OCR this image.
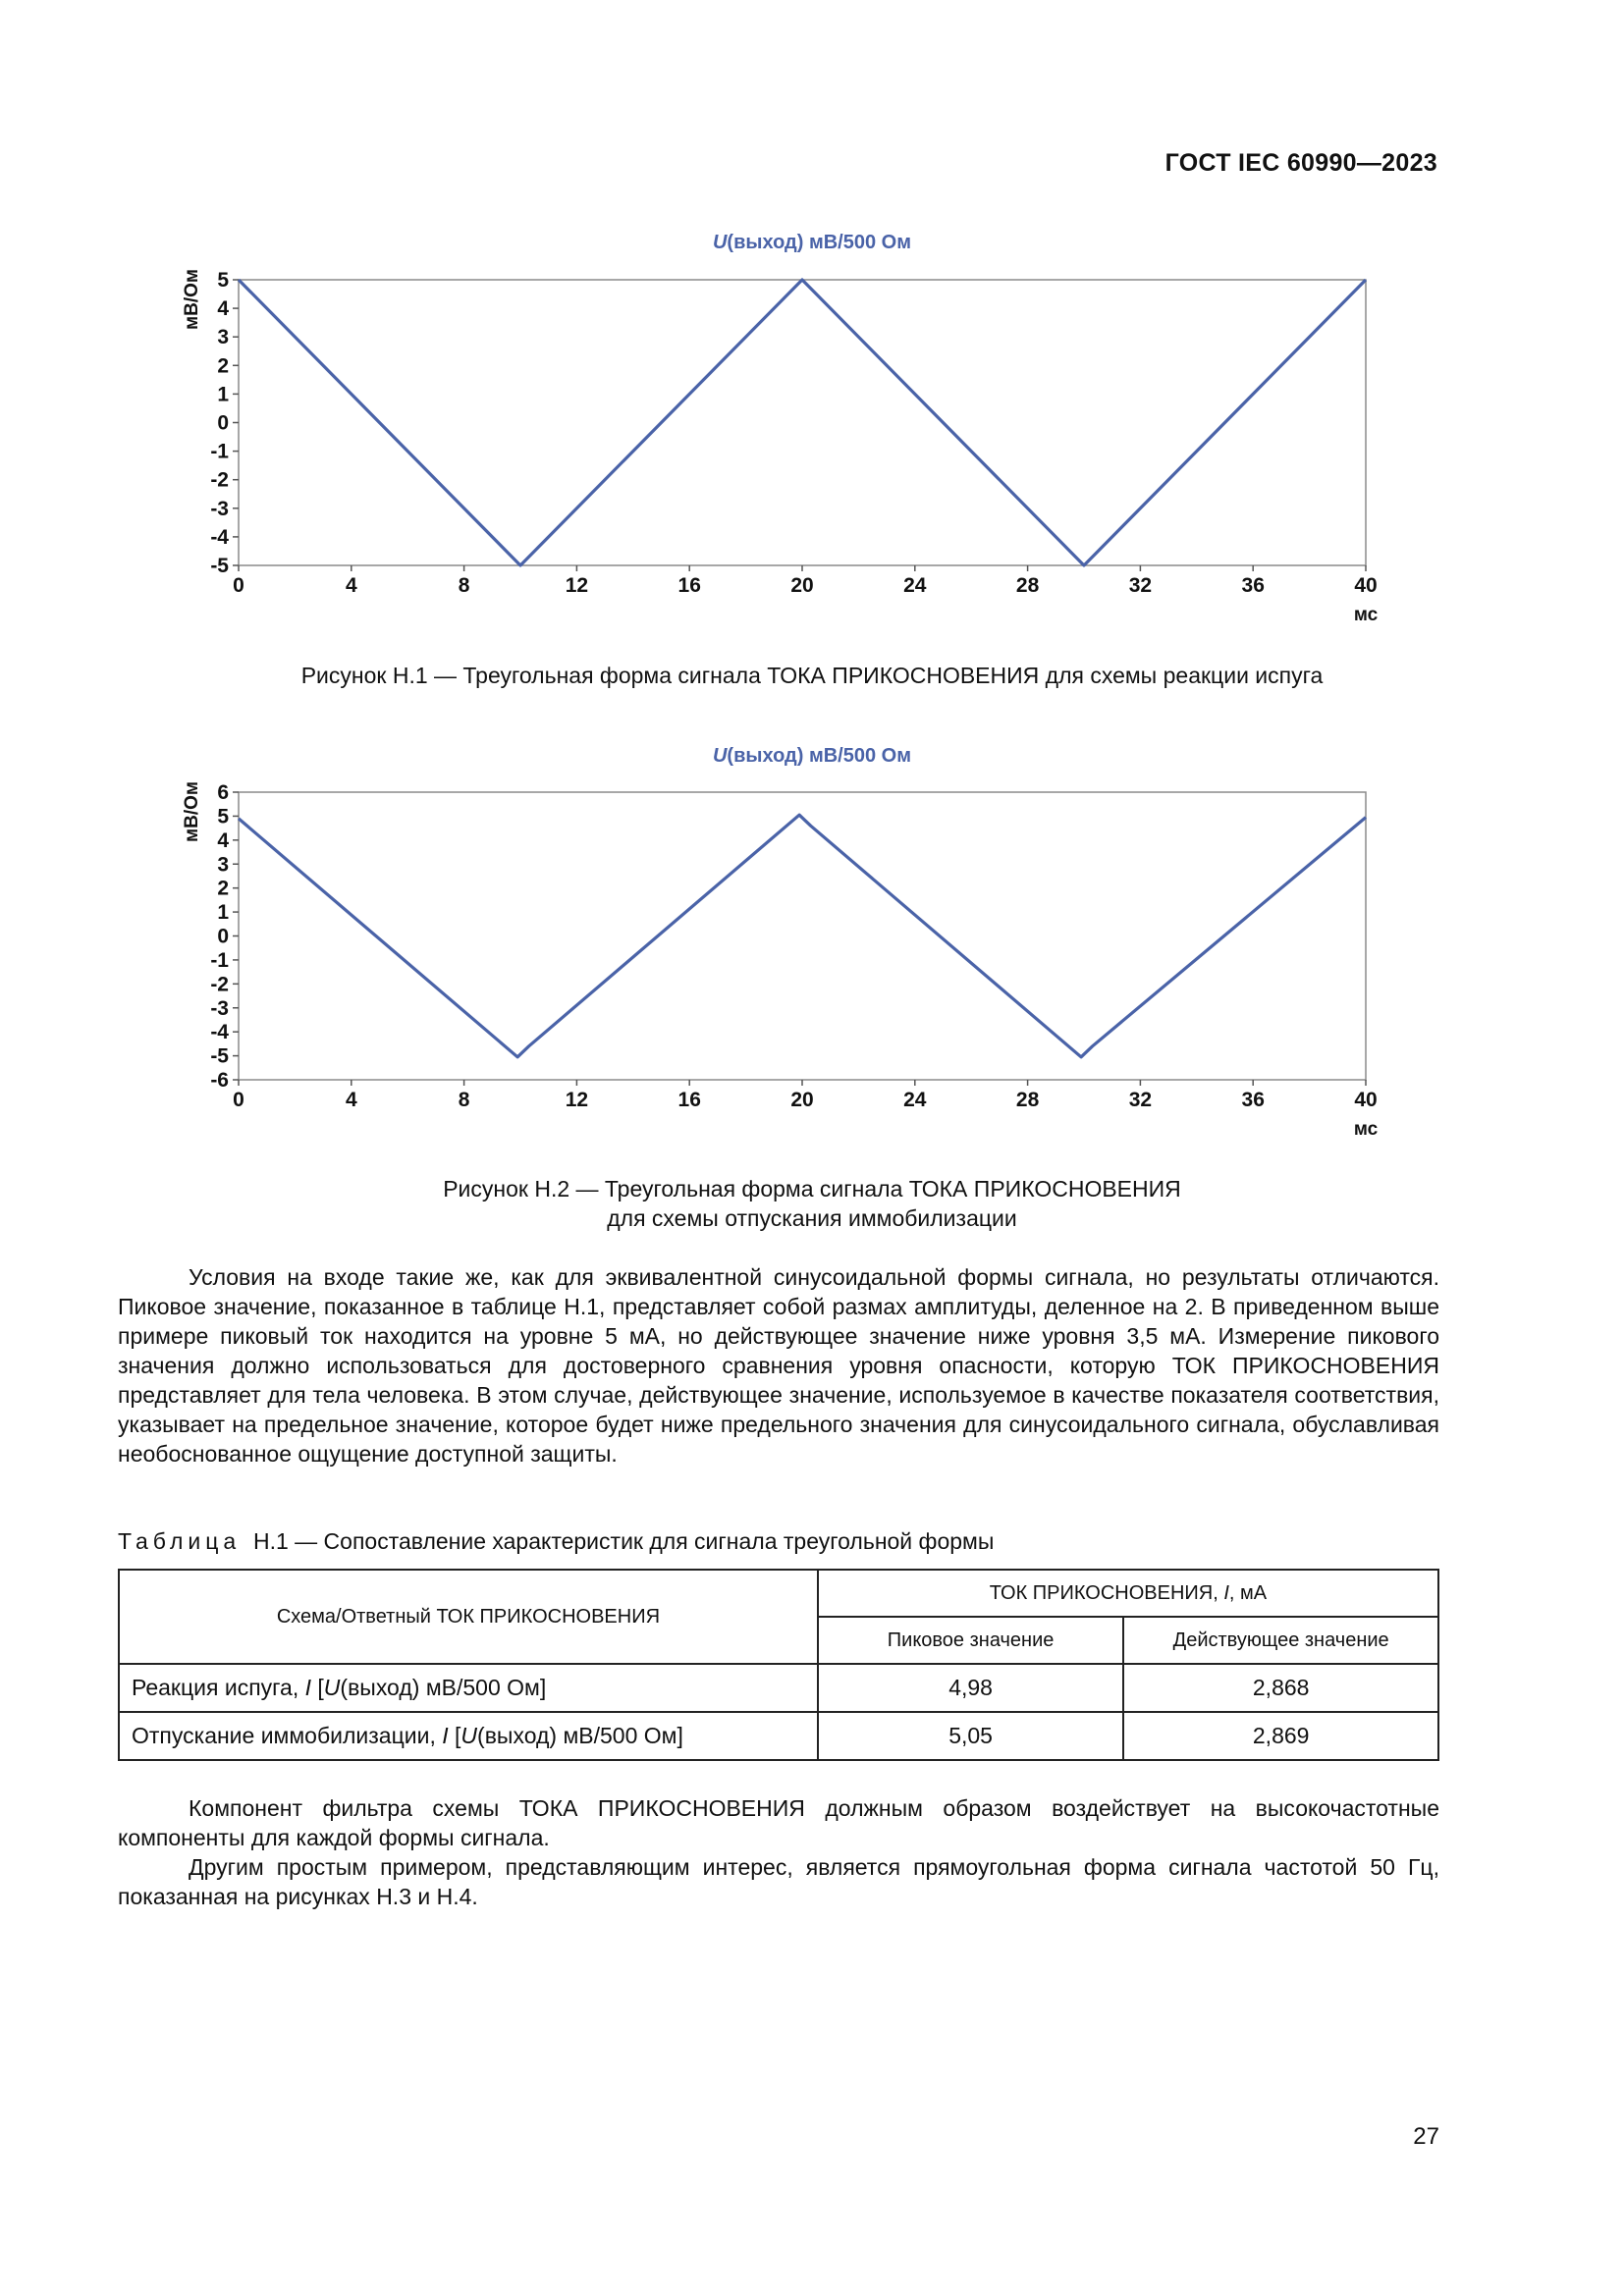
ГОСТ IEC 60990—2023
U(выход) мВ/500 Ом
5
4
3
2
1
0
-1
-2
-3
-4
-5
0	4	8	12	16	20	24	28	32	36	40
мс
мВ/Ом
Рисунок Н.1 — Треугольная форма сигнала ТОКА ПРИКОСНОВЕНИЯ для схемы реакции испуга
U(выход) мВ/500 Ом
6
5
4
3
2
1
0
-1
-2
-3
-4
-5
-6
0	4	8	12	16	20	24	28	32	36	40
мс
мВ/Ом
Рисунок Н.2 — Треугольная форма сигнала ТОКА ПРИКОСНОВЕНИЯ
для схемы отпускания иммобилизации

Условия на входе такие же, как для эквивалентной синусоидальной формы сигнала, но результаты отличаются. Пиковое значение, показанное в таблице Н.1, представляет собой размах амплитуды, деленное на 2. В приведенном выше примере пиковый ток находится на уровне 5 мА, но действующее значение ниже уровня 3,5 мА. Измерение пикового значения должно использоваться для достоверного сравнения уровня опасности, которую ТОК ПРИКОСНОВЕНИЯ представляет для тела человека. В этом случае, действующее значение, используемое в качестве показателя соответствия, указывает на предельное значение, которое будет ниже предельного значения для синусоидального сигнала, обуславливая необоснованное ощущение доступной защиты.

Таблица Н.1 — Сопоставление характеристик для сигнала треугольной формы
Схема/Ответный ТОК ПРИКОСНОВЕНИЯ	ТОК ПРИКОСНОВЕНИЯ, I, мА	
	Пиковое значение	Действующее значение
Реакция испуга, I [U(выход) мВ/500 Ом]	4,98	2,868
Отпускание иммобилизации, I [U(выход) мВ/500 Ом]	5,05	2,869

Компонент фильтра схемы ТОКА ПРИКОСНОВЕНИЯ должным образом воздействует на высокочастотные компоненты для каждой формы сигнала.

Другим простым примером, представляющим интерес, является прямоугольная форма сигнала частотой 50 Гц, показанная на рисунках Н.3 и Н.4.

27
